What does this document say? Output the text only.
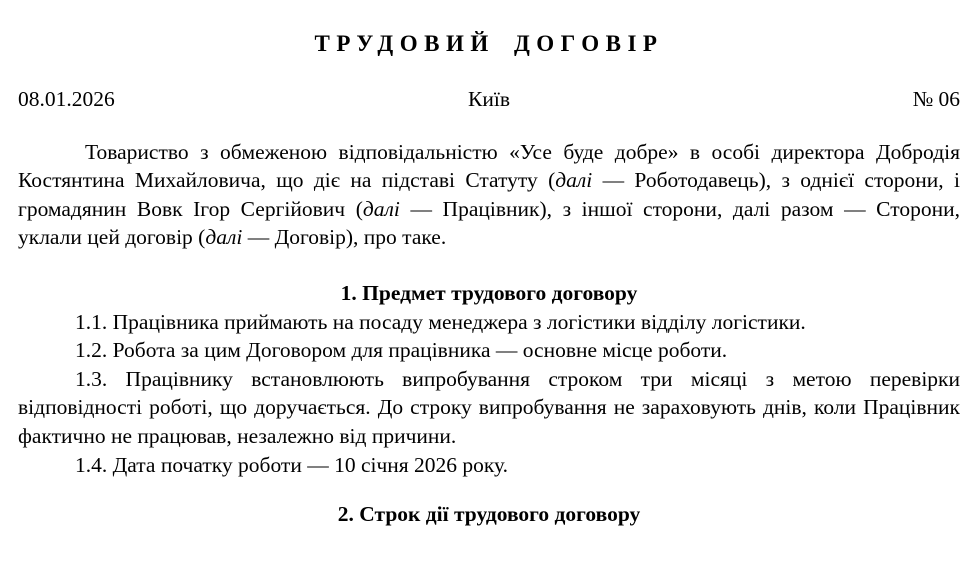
ТРУДОВИЙ ДОГОВІР
08.01.2026	Київ	№ 06

Товариство з обмеженою відповідальністю «Усе буде добре» в особі директора Добродія Костянтина Михайловича, що діє на підставі Статуту (далі — Роботодавець), з однієї сторони, і громадянин Вовк Ігор Сергійович (далі — Працівник), з іншої сторони, далі разом — Сторони, уклали цей договір (далі — Договір), про таке.

1. Предмет трудового договору

1.1. Працівника приймають на посаду менеджера з логістики відділу логістики.

1.2. Робота за цим Договором для працівника — основне місце роботи.

1.3. Працівнику встановлюють випробування строком три місяці з метою перевірки відповідності роботі, що доручається. До строку випробування не зараховують днів, коли Працівник фактично не працював, незалежно від причини.

1.4. Дата початку роботи — 10 січня 2026 року.

2. Строк дії трудового договору
